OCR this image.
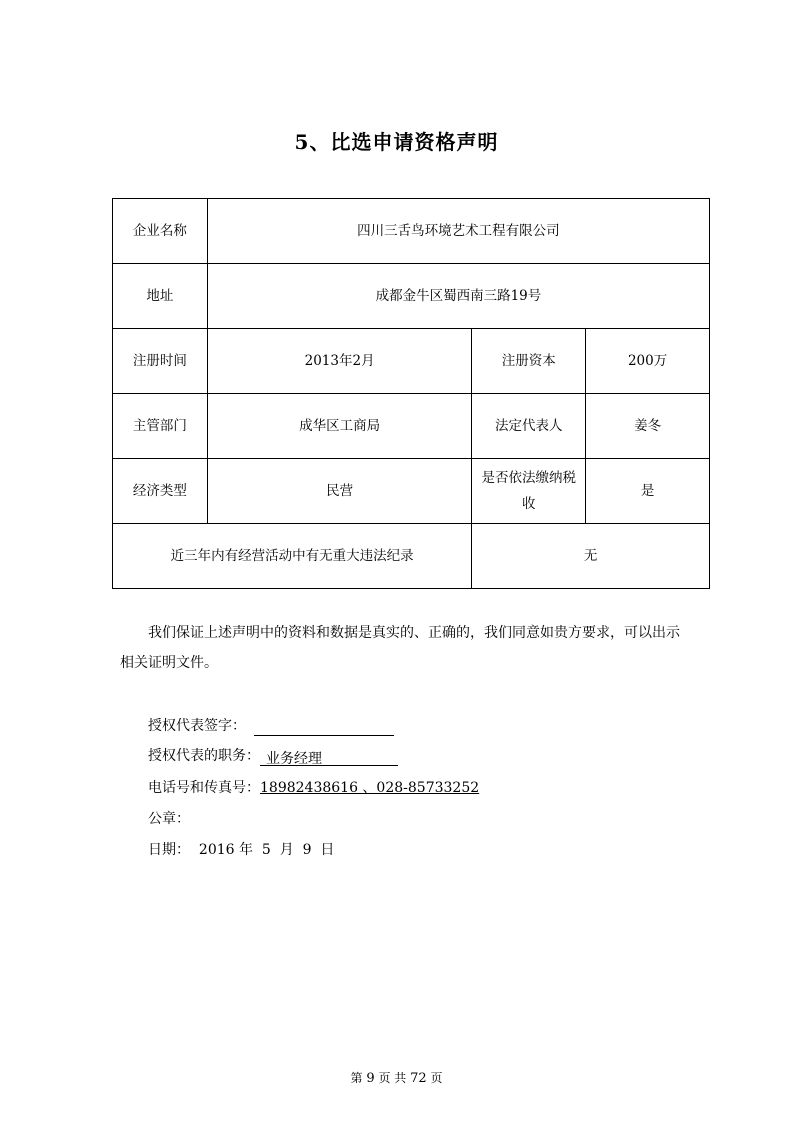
5、比选申请资格声明
企业名称	四川三舌鸟环境艺术工程有限公司		
地址	成都金牛区蜀西南三路19号		
注册时间	2013年2月	注册资本	200万
主管部门	成华区工商局	法定代表人	姜冬
经济类型	民营	是否依法缴纳税收	是
近三年内有经营活动中有无重大违法纪录		无	
我们保证上述声明中的资料和数据是真实的、正确的，我们同意如贵方要求，可以出示相关证明文件。
授权代表签字：
授权代表的职务： 业务经理
电话号和传真号：18982438616 、028-85733252
公章：
日期： 2016 年  5  月  9  日
第 9 页 共 72 页
